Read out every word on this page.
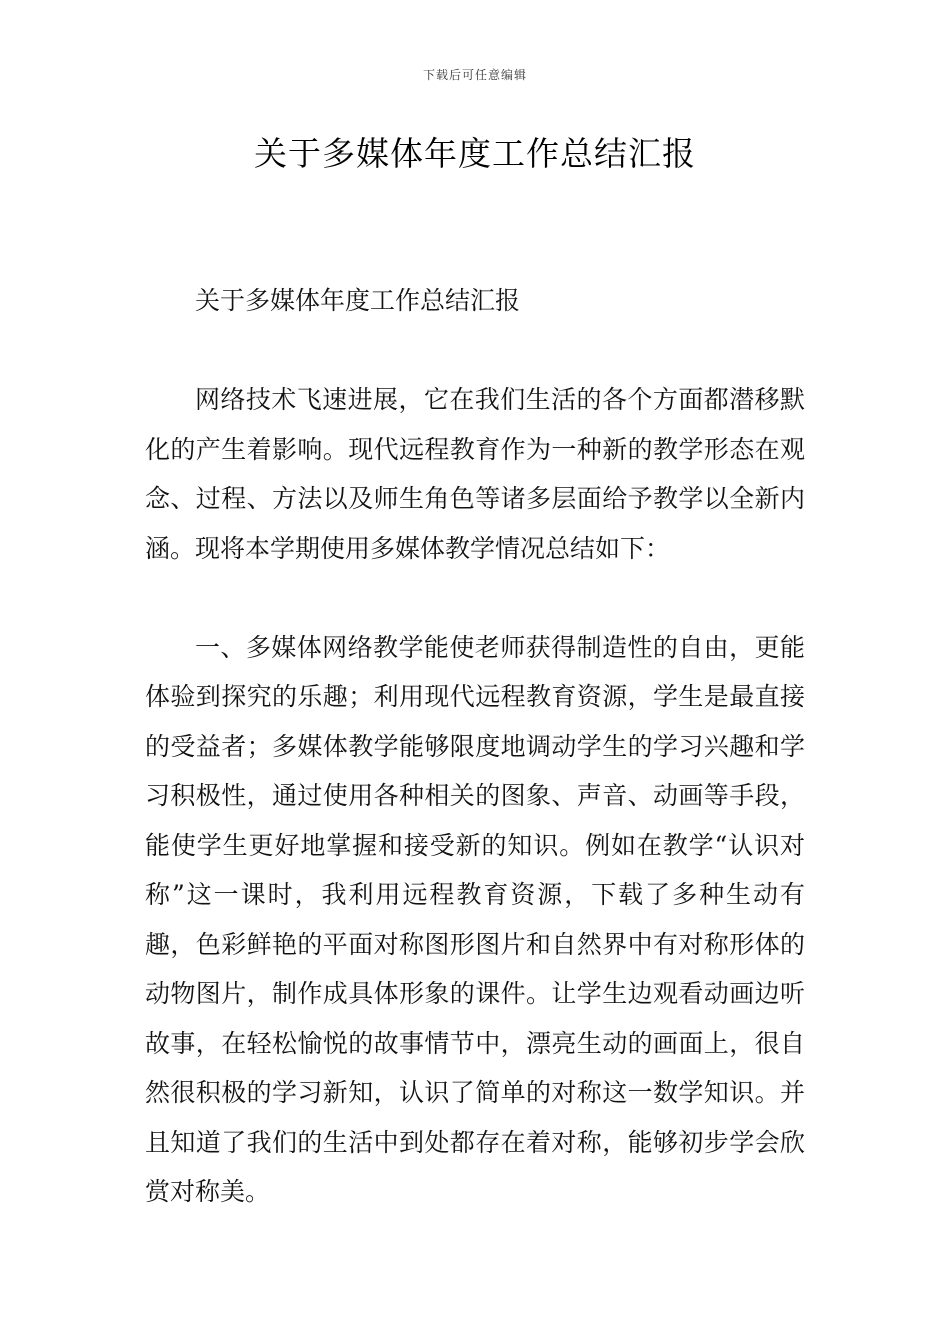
下载后可任意编辑
关于多媒体年度工作总结汇报

关于多媒体年度工作总结汇报

网络技术飞速进展，它在我们生活的各个方面都潜移默化的产生着影响。现代远程教育作为一种新的教学形态在观念、过程、方法以及师生角色等诸多层面给予教学以全新内涵。现将本学期使用多媒体教学情况总结如下：

一、多媒体网络教学能使老师获得制造性的自由，更能体验到探究的乐趣；利用现代远程教育资源，学生是最直接的受益者；多媒体教学能够限度地调动学生的学习兴趣和学习积极性，通过使用各种相关的图象、声音、动画等手段，能使学生更好地掌握和接受新的知识。例如在教学“认识对称”这一课时，我利用远程教育资源，下载了多种生动有趣，色彩鲜艳的平面对称图形图片和自然界中有对称形体的动物图片，制作成具体形象的课件。让学生边观看动画边听故事，在轻松愉悦的故事情节中，漂亮生动的画面上，很自然很积极的学习新知，认识了简单的对称这一数学知识。并且知道了我们的生活中到处都存在着对称，能够初步学会欣赏对称美。
